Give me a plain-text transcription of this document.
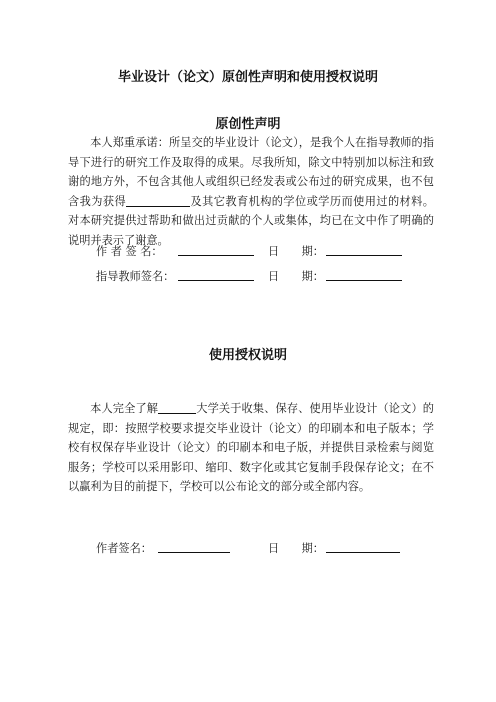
毕业设计（论文）原创性声明和使用授权说明
原创性声明

本人郑重承诺：所呈交的毕业设计（论文），是我个人在指导教师的指导下进行的研究工作及取得的成果。尽我所知，除文中特别加以标注和致谢的地方外，不包含其他人或组织已经发表或公布过的研究成果，也不包含我为获得	及其它教育机构的学位或学历而使用过的材料。对本研究提供过帮助和做出过贡献的个人或集体，均已在文中作了明确的说明并表示了谢意。

作 者 签 名：	日　　期：
指导教师签名：	日　　期：
使用授权说明

本人完全了解	大学关于收集、保存、使用毕业设计（论文）的规定，即：按照学校要求提交毕业设计（论文）的印刷本和电子版本；学校有权保存毕业设计（论文）的印刷本和电子版，并提供目录检索与阅览服务；学校可以采用影印、缩印、数字化或其它复制手段保存论文；在不以赢利为目的前提下，学校可以公布论文的部分或全部内容。

作者签名：	日　　期：
